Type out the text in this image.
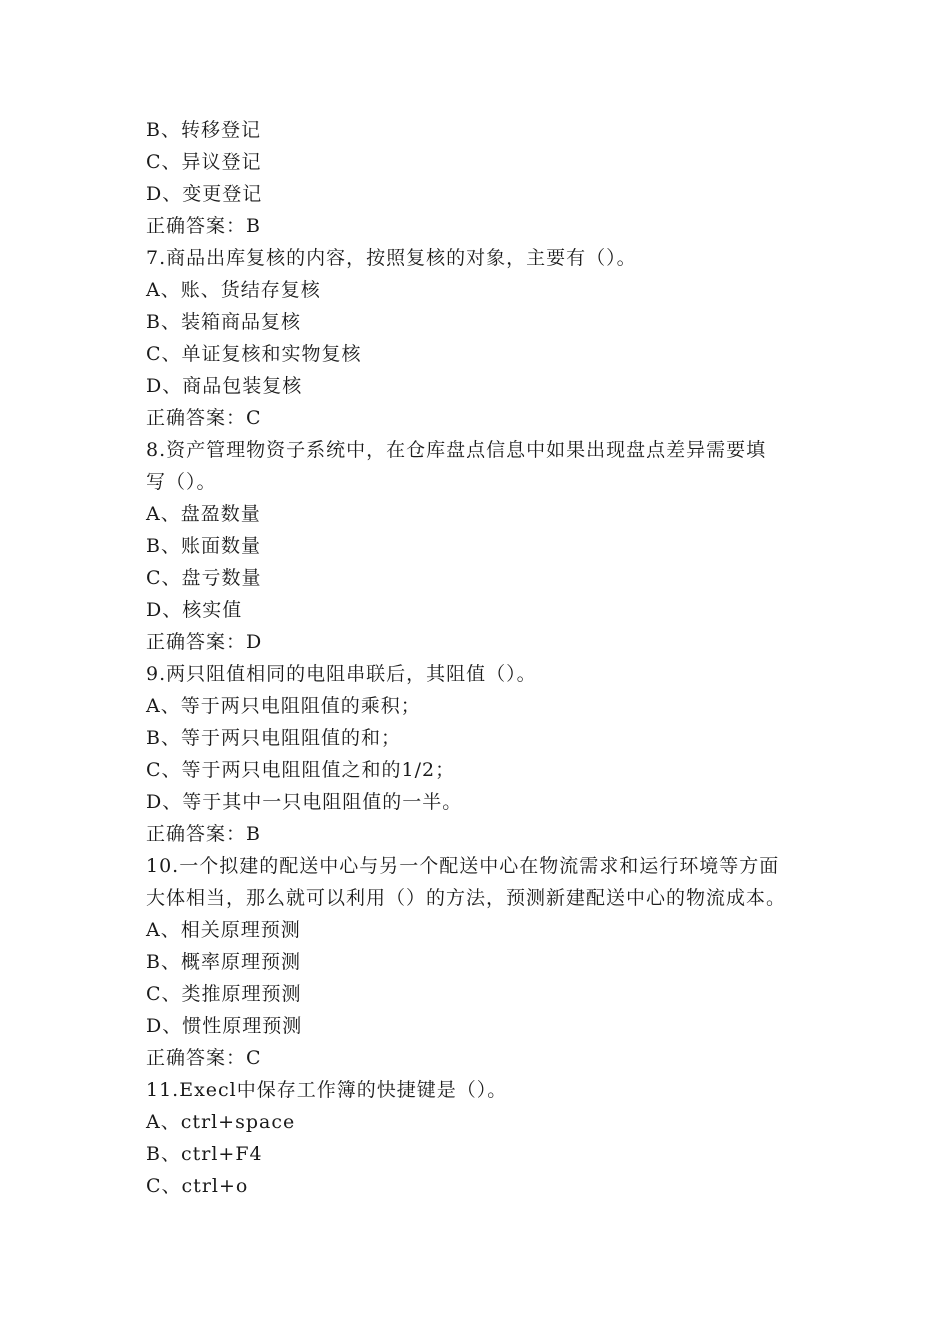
B、转移登记
C、异议登记
D、变更登记
正确答案：B
7.商品出库复核的内容，按照复核的对象，主要有（）。
A、账、货结存复核
B、装箱商品复核
C、单证复核和实物复核
D、商品包装复核
正确答案：C
8.资产管理物资子系统中，在仓库盘点信息中如果出现盘点差异需要填
写（）。
A、盘盈数量
B、账面数量
C、盘亏数量
D、核实值
正确答案：D
9.两只阻值相同的电阻串联后，其阻值（）。
A、等于两只电阻阻值的乘积；
B、等于两只电阻阻值的和；
C、等于两只电阻阻值之和的1/2；
D、等于其中一只电阻阻值的一半。
正确答案：B
10.一个拟建的配送中心与另一个配送中心在物流需求和运行环境等方面
大体相当，那么就可以利用（）的方法，预测新建配送中心的物流成本。
A、相关原理预测
B、概率原理预测
C、类推原理预测
D、惯性原理预测
正确答案：C
11.Execl中保存工作簿的快捷键是（）。
A、ctrl+space
B、ctrl+F4
C、ctrl+o
